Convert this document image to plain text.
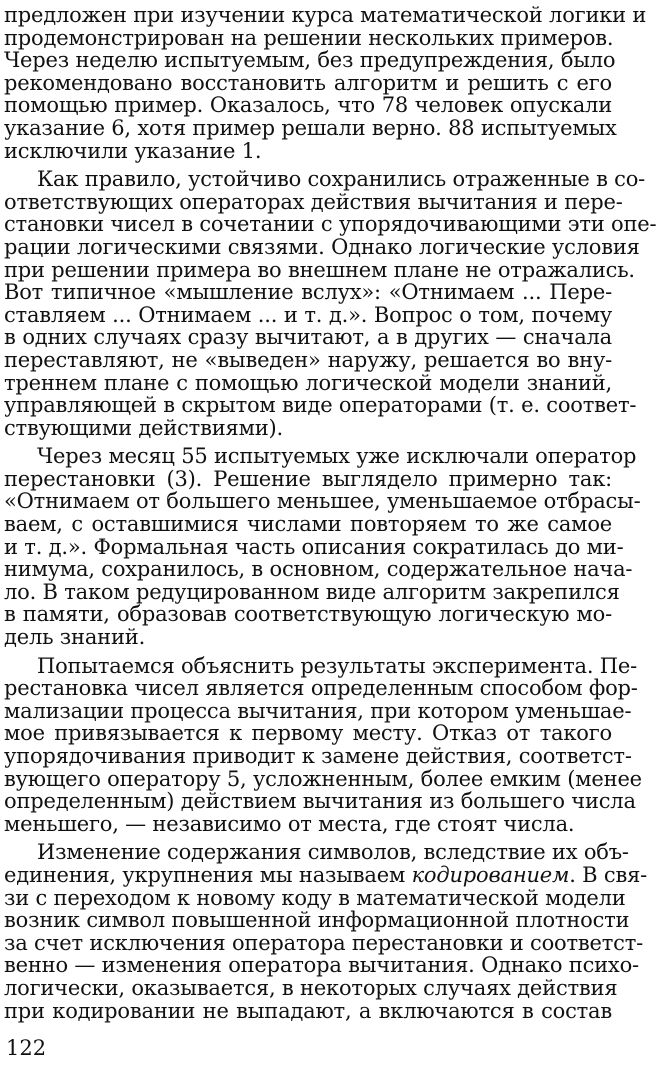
предложен при изучении курса математической логики и
продемонстрирован на решении нескольких примеров.
Через неделю испытуемым, без предупреждения, было
рекомендовано восстановить алгоритм и решить с его
помощью пример. Оказалось, что 78 человек опускали
указание 6, хотя пример решали верно. 88 испытуемых
исключили указание 1.
Как правило, устойчиво сохранились отраженные в со-
ответствующих операторах действия вычитания и пере-
становки чисел в сочетании с упорядочивающими эти опе-
рации логическими связями. Однако логические условия
при решении примера во внешнем плане не отражались.
Вот типичное «мышление вслух»: «Отнимаем ... Пере-
ставляем ... Отнимаем ... и т. д.». Вопрос о том, почему
в одних случаях сразу вычитают, а в других — сначала
переставляют, не «выведен» наружу, решается во вну-
треннем плане с помощью логической модели знаний,
управляющей в скрытом виде операторами (т. е. соответ-
ствующими действиями).
Через месяц 55 испытуемых уже исключали оператор
перестановки (3). Решение выглядело примерно так:
«Отнимаем от большего меньшее, уменьшаемое отбрасы-
ваем, с оставшимися числами повторяем то же самое
и т. д.». Формальная часть описания сократилась до ми-
нимума, сохранилось, в основном, содержательное нача-
ло. В таком редуцированном виде алгоритм закрепился
в памяти, образовав соответствующую логическую мо-
дель знаний.
Попытаемся объяснить результаты эксперимента. Пе-
рестановка чисел является определенным способом фор-
мализации процесса вычитания, при котором уменьшае-
мое привязывается к первому месту. Отказ от такого
упорядочивания приводит к замене действия, соответст-
вующего оператору 5, усложненным, более емким (менее
определенным) действием вычитания из большего числа
меньшего, — независимо от места, где стоят числа.
Изменение содержания символов, вследствие их объ-
единения, укрупнения мы называем кодированием. В свя-
зи с переходом к новому коду в математической модели
возник символ повышенной информационной плотности
за счет исключения оператора перестановки и соответст-
венно — изменения оператора вычитания. Однако психо-
логически, оказывается, в некоторых случаях действия
при кодировании не выпадают, а включаются в состав
122
